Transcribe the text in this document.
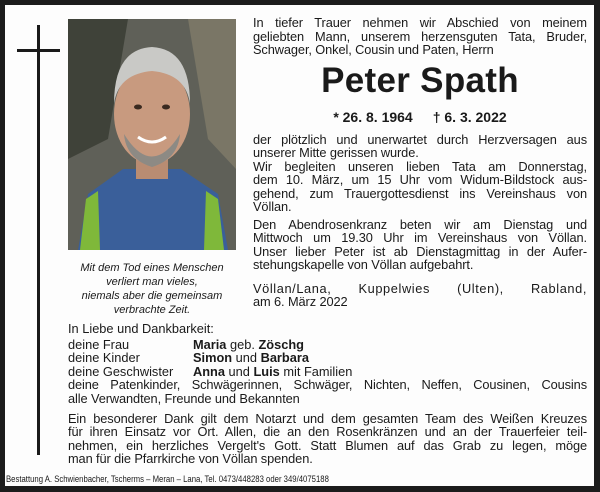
Mit dem Tod eines Menschen
verliert man vieles,
niemals aber die gemeinsam
verbrachte Zeit.
In tiefer Trauer nehmen wir Abschied von meinem
geliebten Mann, unserem herzensguten Tata, Bruder,
Schwager, Onkel, Cousin und Paten, Herrn
Peter Spath
* 26. 8. 1964 † 6. 3. 2022
der plötzlich und unerwartet durch Herzversagen aus
unserer Mitte gerissen wurde.
Wir begleiten unseren lieben Tata am Donnerstag,
dem 10. März, um 15 Uhr vom Widum-Bildstock aus-
gehend, zum Trauergottesdienst ins Vereinshaus von
Völlan.
Den Abendrosenkranz beten wir am Dienstag und
Mittwoch um 19.30 Uhr im Vereinshaus von Völlan.
Unser lieber Peter ist ab Dienstagmittag in der Aufer-
stehungskapelle von Völlan aufgebahrt.
Völlan/Lana, Kuppelwies (Ulten), Rabland,
am 6. März 2022
In Liebe und Dankbarkeit:
deine Frau	Maria geb. Zöschg
deine Kinder	Simon und Barbara
deine Geschwister Anna und Luis mit Familien
deine Patenkinder, Schwägerinnen, Schwäger, Nichten, Neffen, Cousinen, Cousins
alle Verwandten, Freunde und Bekannten
Ein besonderer Dank gilt dem Notarzt und dem gesamten Team des Weißen Kreuzes
für ihren Einsatz vor Ort. Allen, die an den Rosenkränzen und an der Trauerfeier teil-
nehmen, ein herzliches Vergelt's Gott. Statt Blumen auf das Grab zu legen, möge
man für die Pfarrkirche von Völlan spenden.
Bestattung A. Schwienbacher, Tscherms – Meran – Lana, Tel. 0473/448283 oder 349/4075188
